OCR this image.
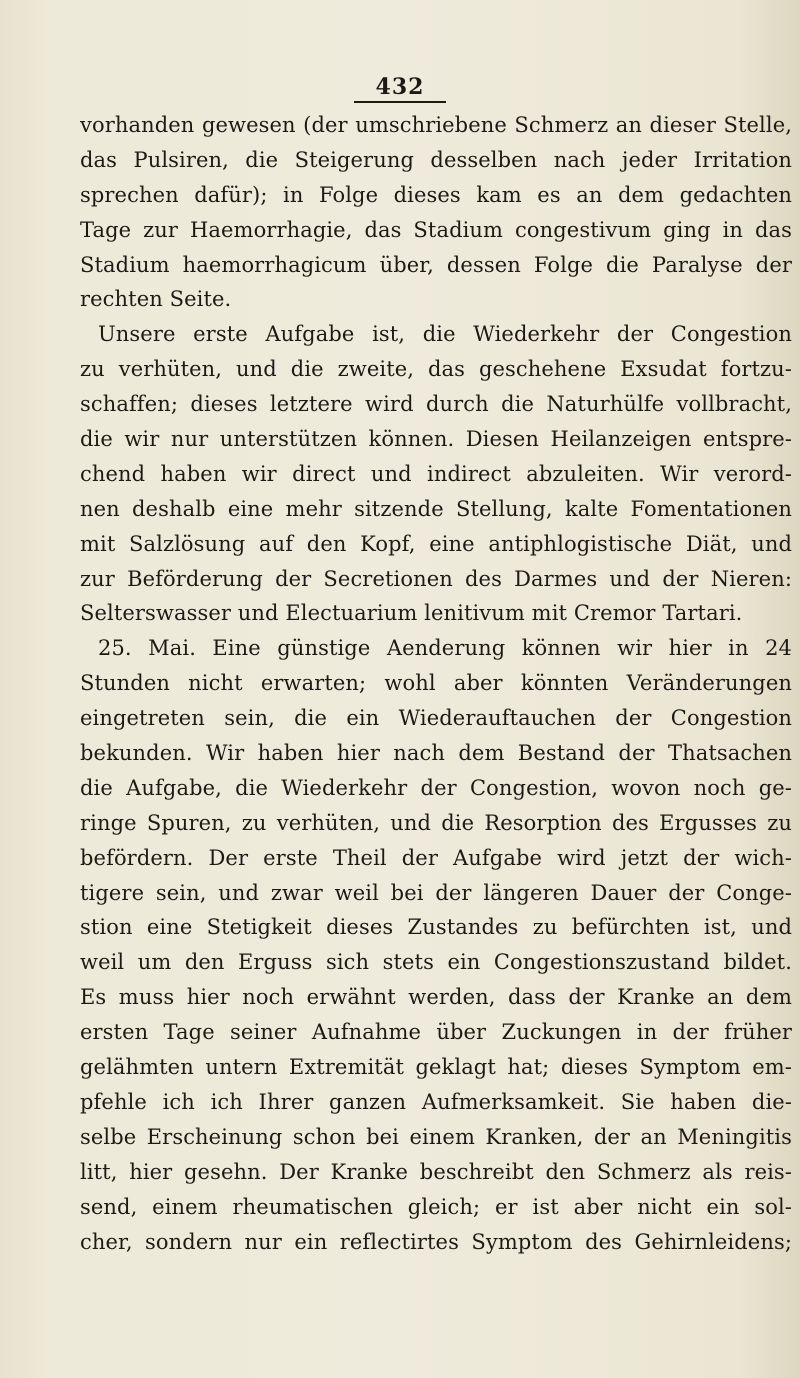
432
vorhanden gewesen (der umschriebene Schmerz an dieser Stelle,
das Pulsiren, die Steigerung desselben nach jeder Irritation
sprechen dafür); in Folge dieses kam es an dem gedachten
Tage zur Haemorrhagie, das Stadium congestivum ging in das
Stadium haemorrhagicum über, dessen Folge die Paralyse der
rechten Seite.
Unsere erste Aufgabe ist, die Wiederkehr der Congestion
zu verhüten, und die zweite, das geschehene Exsudat fortzu-
schaffen; dieses letztere wird durch die Naturhülfe vollbracht,
die wir nur unterstützen können. Diesen Heilanzeigen entspre-
chend haben wir direct und indirect abzuleiten. Wir verord-
nen deshalb eine mehr sitzende Stellung, kalte Fomentationen
mit Salzlösung auf den Kopf, eine antiphlogistische Diät, und
zur Beförderung der Secretionen des Darmes und der Nieren:
Selterswasser und Electuarium lenitivum mit Cremor Tartari.
25. Mai. Eine günstige Aenderung können wir hier in 24
Stunden nicht erwarten; wohl aber könnten Veränderungen
eingetreten sein, die ein Wiederauftauchen der Congestion
bekunden. Wir haben hier nach dem Bestand der Thatsachen
die Aufgabe, die Wiederkehr der Congestion, wovon noch ge-
ringe Spuren, zu verhüten, und die Resorption des Ergusses zu
befördern. Der erste Theil der Aufgabe wird jetzt der wich-
tigere sein, und zwar weil bei der längeren Dauer der Conge-
stion eine Stetigkeit dieses Zustandes zu befürchten ist, und
weil um den Erguss sich stets ein Congestionszustand bildet.
Es muss hier noch erwähnt werden, dass der Kranke an dem
ersten Tage seiner Aufnahme über Zuckungen in der früher
gelähmten untern Extremität geklagt hat; dieses Symptom em-
pfehle ich ich Ihrer ganzen Aufmerksamkeit. Sie haben die-
selbe Erscheinung schon bei einem Kranken, der an Meningitis
litt, hier gesehn. Der Kranke beschreibt den Schmerz als reis-
send, einem rheumatischen gleich; er ist aber nicht ein sol-
cher, sondern nur ein reflectirtes Symptom des Gehirnleidens;
